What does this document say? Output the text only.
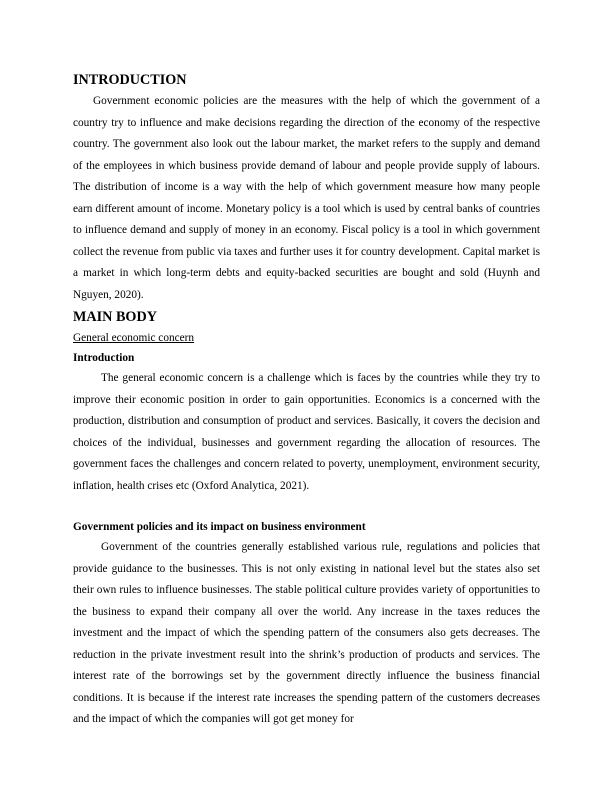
INTRODUCTION

Government economic policies are the measures with the help of which the government of a country try to influence and make decisions regarding the direction of the economy of the respective country. The government also look out the labour market, the market refers to the supply and demand of the employees in which business provide demand of labour and people provide supply of labours. The distribution of income is a way with the help of which government measure how many people earn different amount of income. Monetary policy is a tool which is used by central banks of countries to influence demand and supply of money in an economy. Fiscal policy is a tool in which government collect the revenue from public via taxes and further uses it for country development. Capital market is a market in which long-term debts and equity-backed securities are bought and sold (Huynh and Nguyen, 2020).

MAIN BODY
General economic concern
Introduction

The general economic concern is a challenge which is faces by the countries while they try to improve their economic position in order to gain opportunities. Economics is a concerned with the production, distribution and consumption of product and services. Basically, it covers the decision and choices of the individual, businesses and government regarding the allocation of resources. The government faces the challenges and concern related to poverty, unemployment, environment security, inflation, health crises etc (Oxford Analytica, 2021).

Government policies and its impact on business environment

Government of the countries generally established various rule, regulations and policies that provide guidance to the businesses. This is not only existing in national level but the states also set their own rules to influence businesses. The stable political culture provides variety of opportunities to the business to expand their company all over the world. Any increase in the taxes reduces the investment and the impact of which the spending pattern of the consumers also gets decreases. The reduction in the private investment result into the shrink’s production of products and services. The interest rate of the borrowings set by the government directly influence the business financial conditions. It is because if the interest rate increases the spending pattern of the customers decreases and the impact of which the companies will got get money for
